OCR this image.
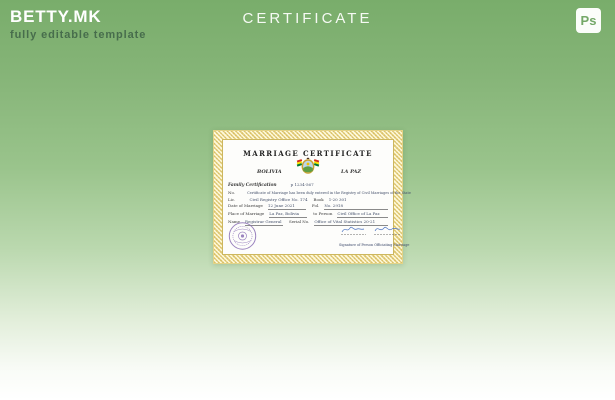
BETTY.MK
fully editable template
CERTIFICATE	Ps
MARRIAGE CERTIFICATE
BOLIVIA	LA PAZ
Family Certification	p 1234-567
No.	Certificate of Marriage has been duly entered in the Registry of Civil Marriages of the State
Lic.	Civil Registry Office No. 174 Book 1-20 301
Date of Marriage 12 June 2021	Fol. No. 2918
Place of Marriage La Paz, Bolivia	to Person Civil Office of La Paz
Name Registrar General	Serial No. Office of Vital Statistics 20-21
Signature of Person Officiating Marriage
